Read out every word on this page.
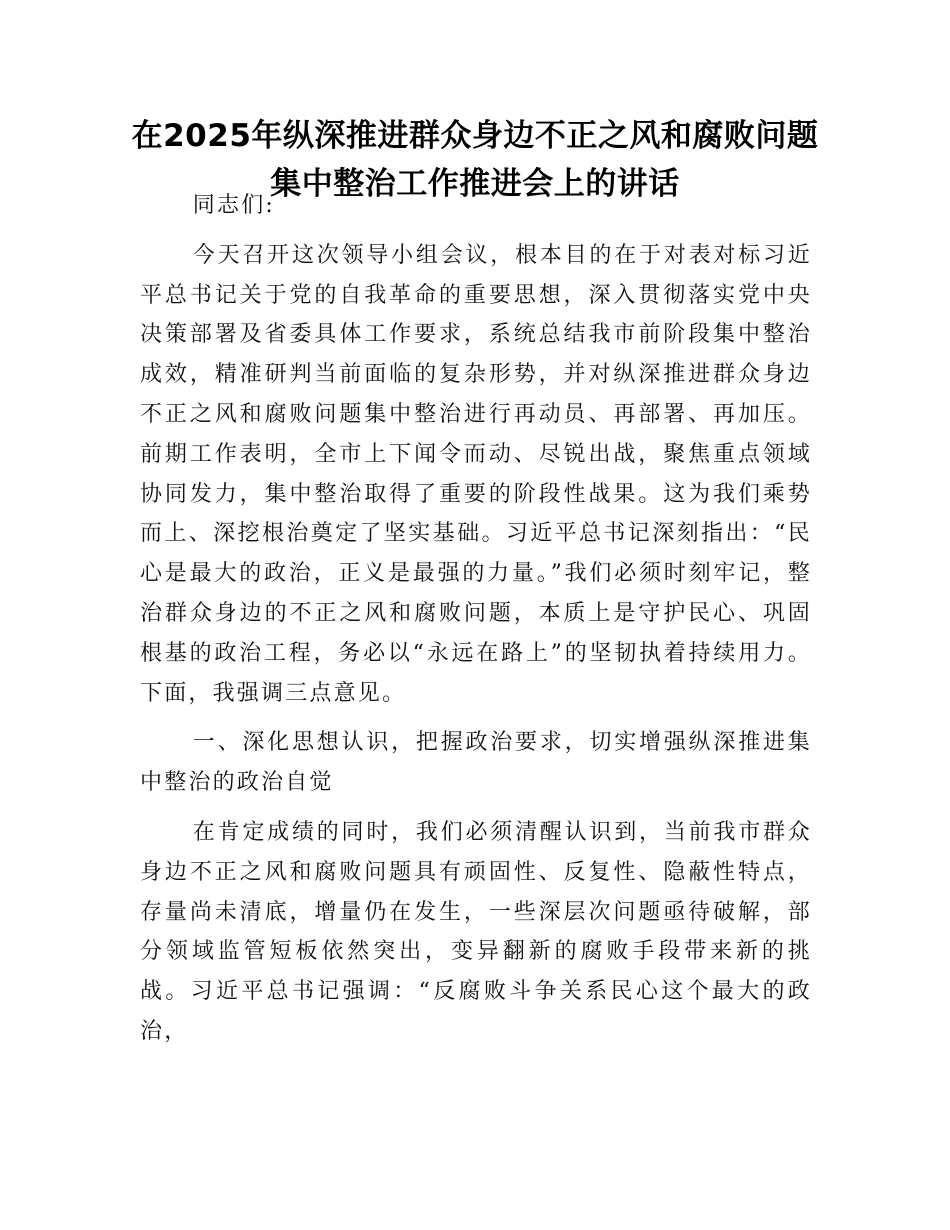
在2025年纵深推进群众身边不正之风和腐败问题集中整治工作推进会上的讲话

同志们:

今天召开这次领导小组会议，根本目的在于对表对标习近平总书记关于党的自我革命的重要思想，深入贯彻落实党中央决策部署及省委具体工作要求，系统总结我市前阶段集中整治成效，精准研判当前面临的复杂形势，并对纵深推进群众身边不正之风和腐败问题集中整治进行再动员、再部署、再加压。前期工作表明，全市上下闻令而动、尽锐出战，聚焦重点领域协同发力，集中整治取得了重要的阶段性战果。这为我们乘势而上、深挖根治奠定了坚实基础。习近平总书记深刻指出：“民心是最大的政治，正义是最强的力量。”我们必须时刻牢记，整治群众身边的不正之风和腐败问题，本质上是守护民心、巩固根基的政治工程，务必以“永远在路上”的坚韧执着持续用力。下面，我强调三点意见。

一、深化思想认识，把握政治要求，切实增强纵深推进集中整治的政治自觉

在肯定成绩的同时，我们必须清醒认识到，当前我市群众身边不正之风和腐败问题具有顽固性、反复性、隐蔽性特点，存量尚未清底，增量仍在发生，一些深层次问题亟待破解，部分领域监管短板依然突出，变异翻新的腐败手段带来新的挑战。习近平总书记强调：“反腐败斗争关系民心这个最大的政治，
